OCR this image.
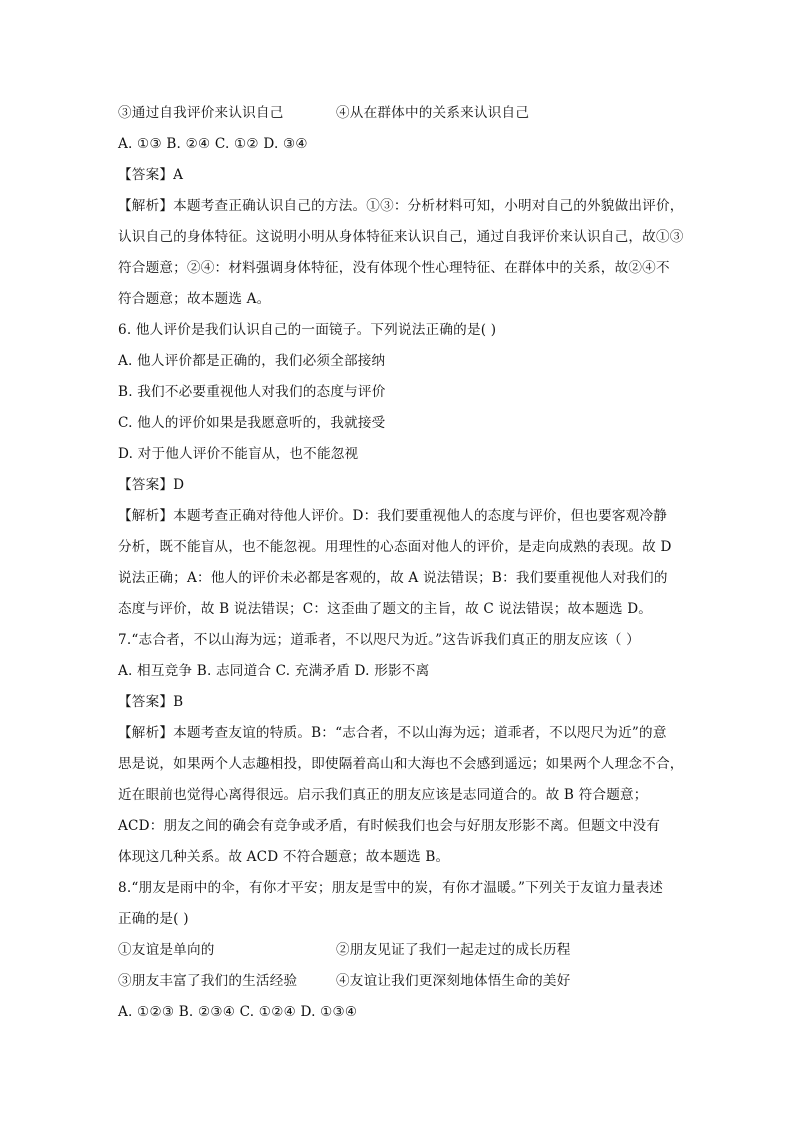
③通过自我评价来认识自己	④从在群体中的关系来认识自己
A. ①③ B. ②④ C. ①② D. ③④
【答案】A
【解析】本题考查正确认识自己的方法。①③：分析材料可知，小明对自己的外貌做出评价，
认识自己的身体特征。这说明小明从身体特征来认识自己，通过自我评价来认识自己，故①③
符合题意；②④：材料强调身体特征，没有体现个性心理特征、在群体中的关系，故②④不
符合题意；故本题选 A。
6. 他人评价是我们认识自己的一面镜子。下列说法正确的是( )
A. 他人评价都是正确的，我们必须全部接纳
B. 我们不必要重视他人对我们的态度与评价
C. 他人的评价如果是我愿意听的，我就接受
D. 对于他人评价不能盲从，也不能忽视
【答案】D
【解析】本题考查正确对待他人评价。D：我们要重视他人的态度与评价，但也要客观冷静
分析，既不能盲从，也不能忽视。用理性的心态面对他人的评价，是走向成熟的表现。故 D
说法正确；A：他人的评价未必都是客观的，故 A 说法错误；B：我们要重视他人对我们的
态度与评价，故 B 说法错误；C：这歪曲了题文的主旨，故 C 说法错误；故本题选 D。
7.“志合者，不以山海为远；道乖者，不以咫尺为近。”这告诉我们真正的朋友应该（ ）
A. 相互竞争 B. 志同道合 C. 充满矛盾 D. 形影不离
【答案】B
【解析】本题考查友谊的特质。B：“志合者，不以山海为远；道乖者，不以咫尺为近”的意
思是说，如果两个人志趣相投，即使隔着高山和大海也不会感到遥远；如果两个人理念不合，
近在眼前也觉得心离得很远。启示我们真正的朋友应该是志同道合的。故 B 符合题意；
ACD：朋友之间的确会有竞争或矛盾，有时候我们也会与好朋友形影不离。但题文中没有
体现这几种关系。故 ACD 不符合题意；故本题选 B。
8.“朋友是雨中的伞，有你才平安；朋友是雪中的炭，有你才温暖。”下列关于友谊力量表述
正确的是( )
①友谊是单向的	②朋友见证了我们一起走过的成长历程
③朋友丰富了我们的生活经验	④友谊让我们更深刻地体悟生命的美好
A. ①②③ B. ②③④ C. ①②④ D. ①③④
